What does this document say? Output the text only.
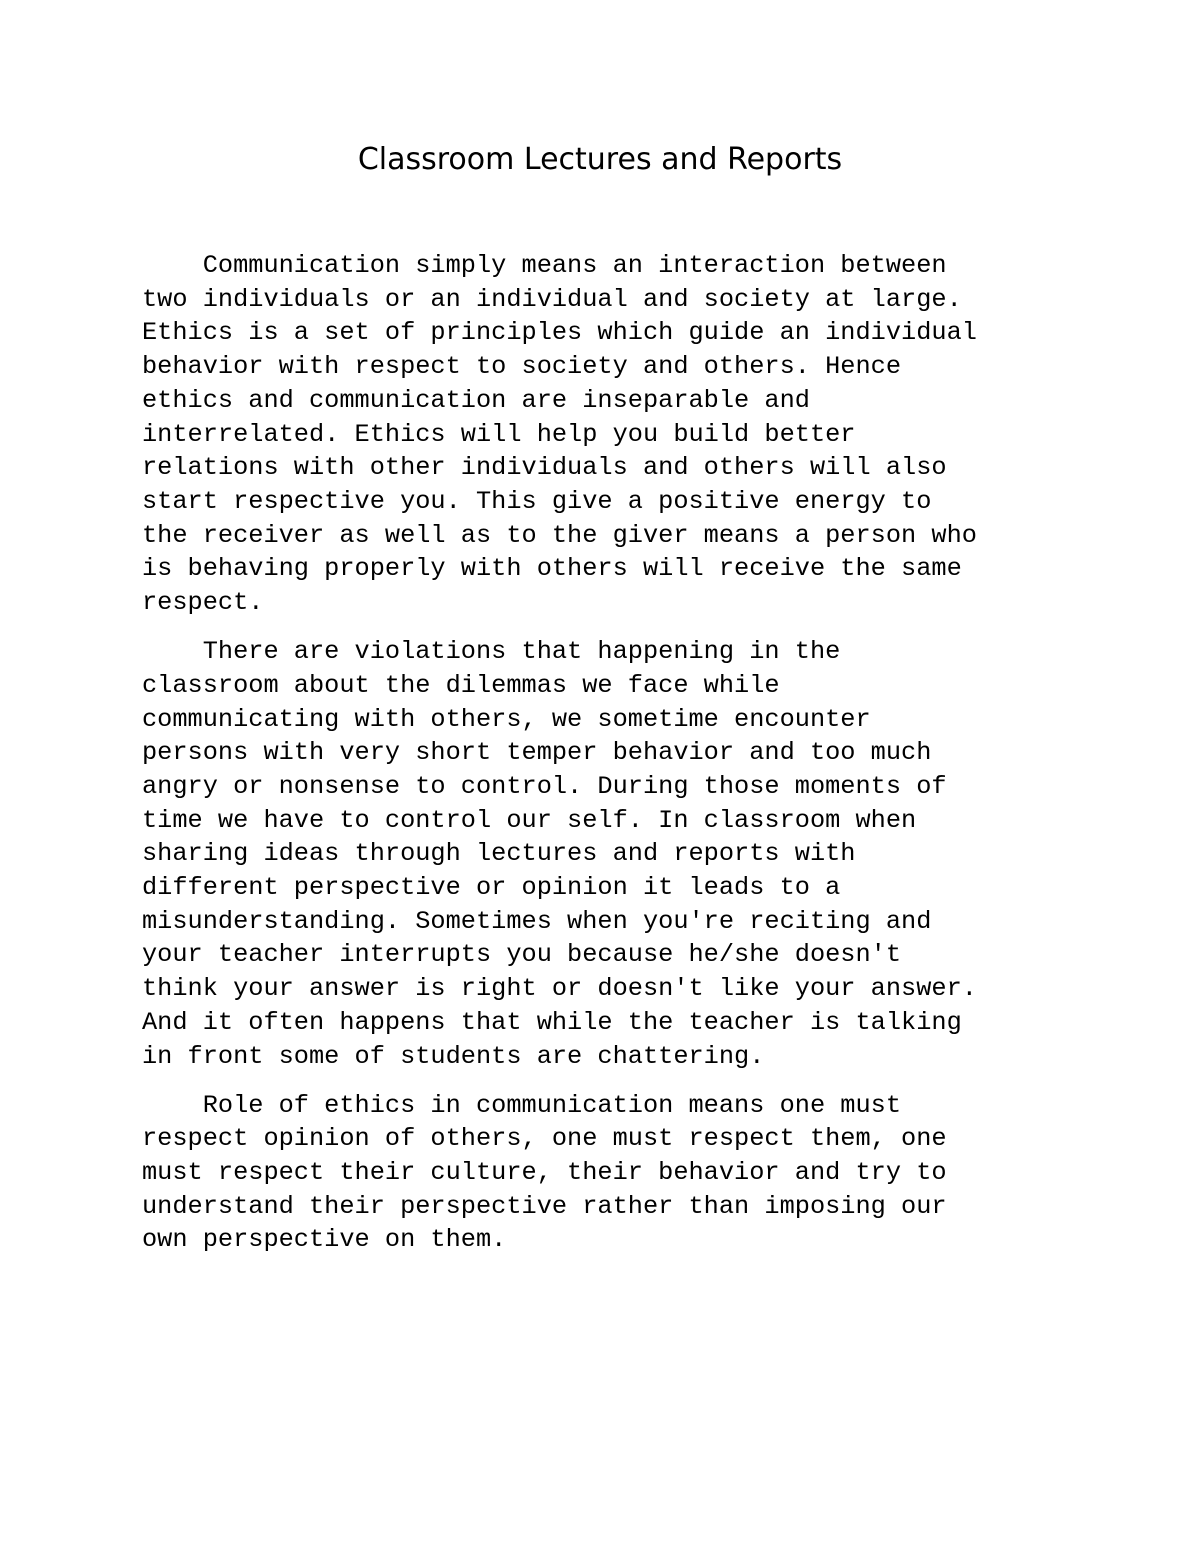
Classroom Lectures and Reports

Communication simply means an interaction between
two individuals or an individual and society at large.
Ethics is a set of principles which guide an individual
behavior with respect to society and others. Hence
ethics and communication are inseparable and
interrelated. Ethics will help you build better
relations with other individuals and others will also
start respective you. This give a positive energy to
the receiver as well as to the giver means a person who
is behaving properly with others will receive the same
respect.

There are violations that happening in the
classroom about the dilemmas we face while
communicating with others, we sometime encounter
persons with very short temper behavior and too much
angry or nonsense to control. During those moments of
time we have to control our self. In classroom when
sharing ideas through lectures and reports with
different perspective or opinion it leads to a
misunderstanding. Sometimes when you're reciting and
your teacher interrupts you because he/she doesn't
think your answer is right or doesn't like your answer.
And it often happens that while the teacher is talking
in front some of students are chattering.

Role of ethics in communication means one must
respect opinion of others, one must respect them, one
must respect their culture, their behavior and try to
understand their perspective rather than imposing our
own perspective on them.
